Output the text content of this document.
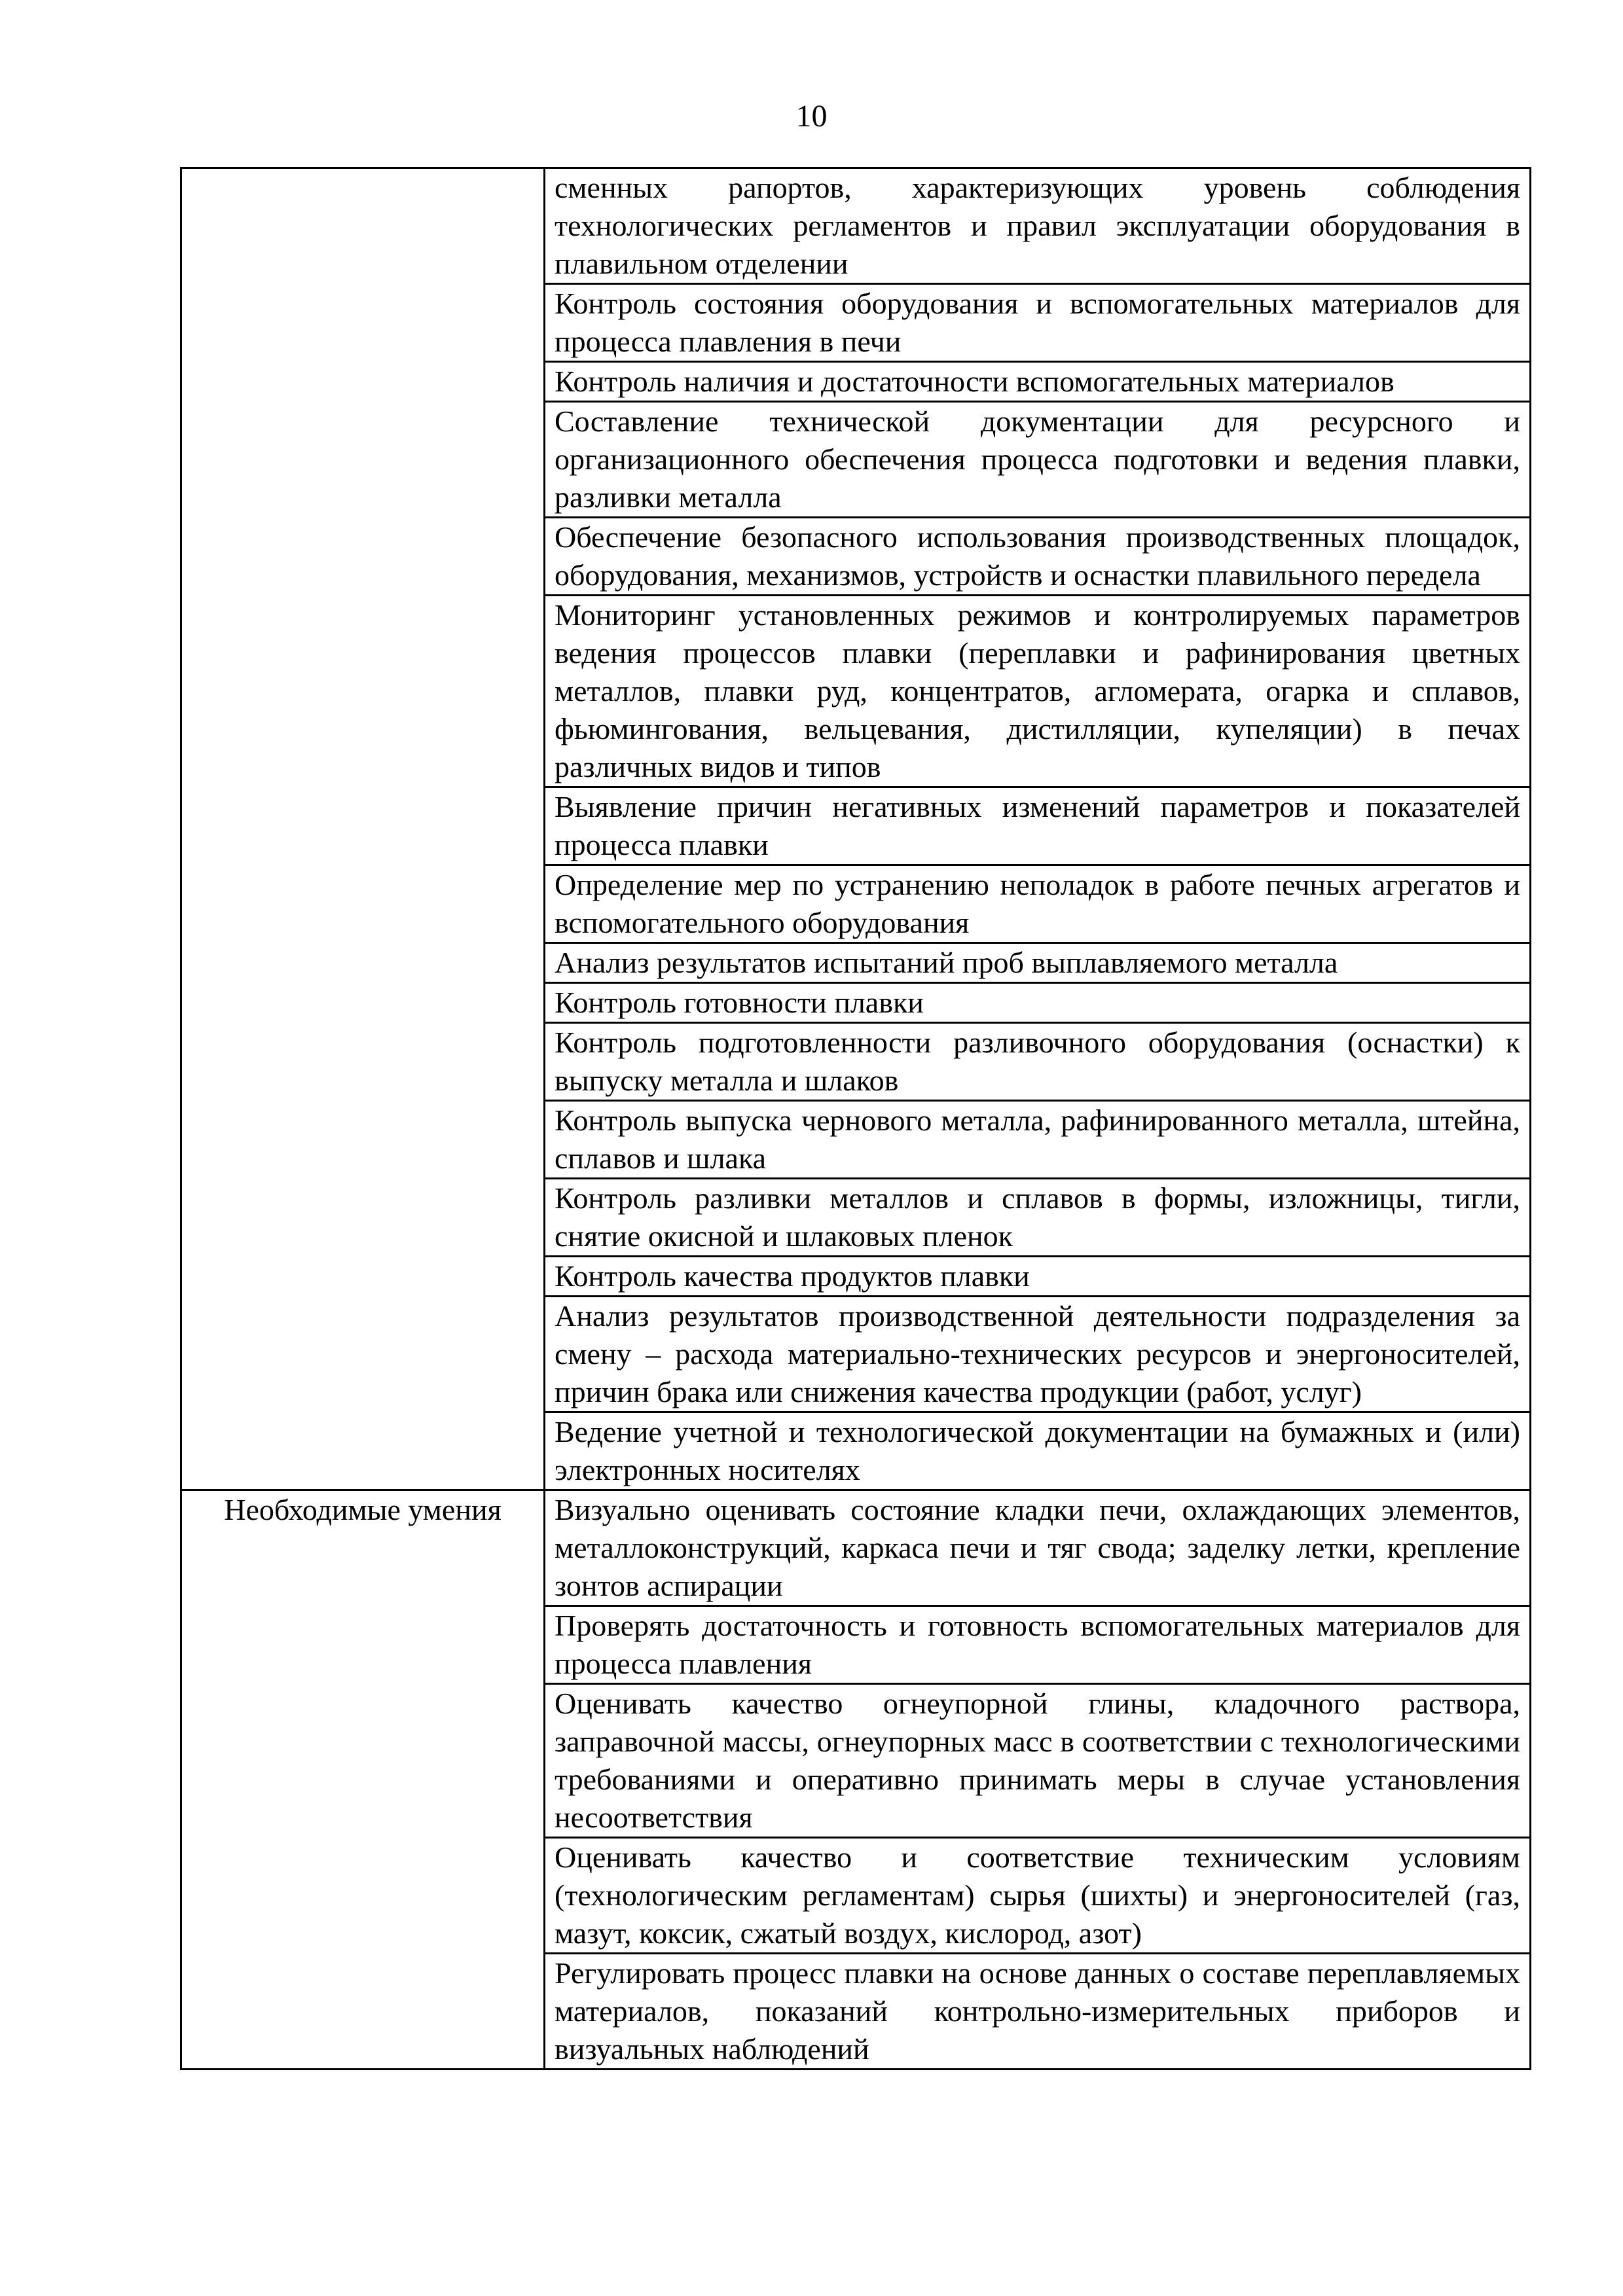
10
	сменных рапортов, характеризующих уровень соблюдения технологических регламентов и правил эксплуатации оборудования в плавильном отделении
	Контроль состояния оборудования и вспомогательных материалов для процесса плавления в печи
	Контроль наличия и достаточности вспомогательных материалов
	Составление технической документации для ресурсного и организационного обеспечения процесса подготовки и ведения плавки, разливки металла
	Обеспечение безопасного использования производственных площадок, оборудования, механизмов, устройств и оснастки плавильного передела
	Мониторинг установленных режимов и контролируемых параметров ведения процессов плавки (переплавки и рафинирования цветных металлов, плавки руд, концентратов, агломерата, огарка и сплавов, фьюмингования, вельцевания, дистилляции, купеляции) в печах различных видов и типов
	Выявление причин негативных изменений параметров и показателей процесса плавки
	Определение мер по устранению неполадок в работе печных агрегатов и вспомогательного оборудования
	Анализ результатов испытаний проб выплавляемого металла
	Контроль готовности плавки
	Контроль подготовленности разливочного оборудования (оснастки) к выпуску металла и шлаков
	Контроль выпуска чернового металла, рафинированного металла, штейна, сплавов и шлака
	Контроль разливки металлов и сплавов в формы, изложницы, тигли, снятие окисной и шлаковых пленок
	Контроль качества продуктов плавки
	Анализ результатов производственной деятельности подразделения за смену – расхода материально-технических ресурсов и энергоносителей, причин брака или снижения качества продукции (работ, услуг)
	Ведение учетной и технологической документации на бумажных и (или) электронных носителях
Необходимые умения	Визуально оценивать состояние кладки печи, охлаждающих элементов, металлоконструкций, каркаса печи и тяг свода; заделку летки, крепление зонтов аспирации
	Проверять достаточность и готовность вспомогательных материалов для процесса плавления
	Оценивать качество огнеупорной глины, кладочного раствора, заправочной массы, огнеупорных масс в соответствии с технологическими требованиями и оперативно принимать меры в случае установления несоответствия
	Оценивать качество и соответствие техническим условиям (технологическим регламентам) сырья (шихты) и энергоносителей (газ, мазут, коксик, сжатый воздух, кислород, азот)
	Регулировать процесс плавки на основе данных о составе переплавляемых материалов, показаний контрольно-измерительных приборов и визуальных наблюдений
